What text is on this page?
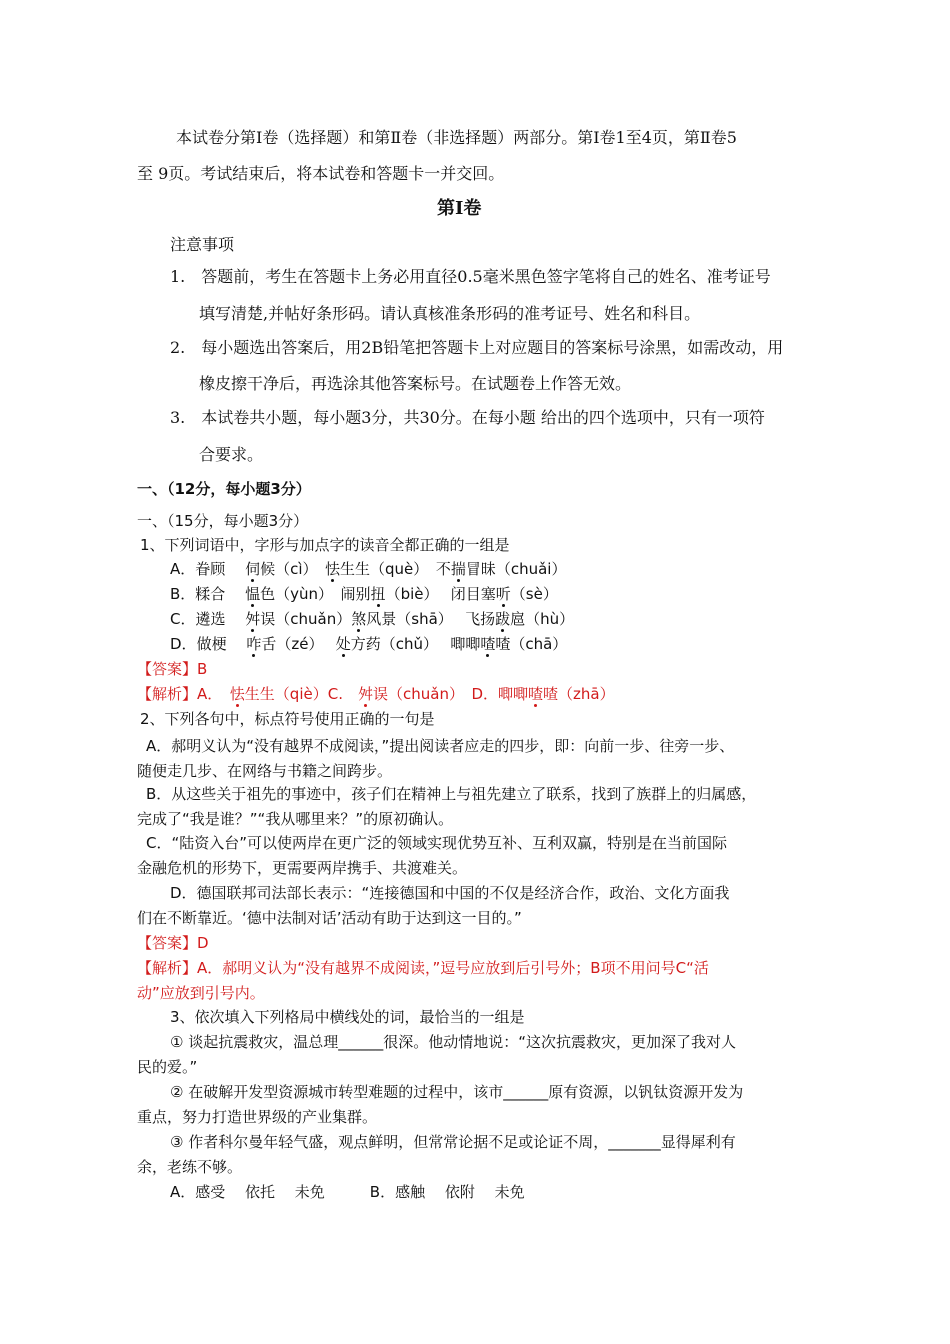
本试卷分第Ⅰ卷（选择题）和第Ⅱ卷（非选择题）两部分。第Ⅰ卷1至4页，第Ⅱ卷5
至 9页。考试结束后，将本试卷和答题卡一并交回。
第Ⅰ卷
注意事项
1.　答题前，考生在答题卡上务必用直径0.5毫米黑色签字笔将自己的姓名、准考证号
填写清楚,并帖好条形码。请认真核准条形码的准考证号、姓名和科目。
2.　每小题选出答案后，用2B铅笔把答题卡上对应题目的答案标号涂黑，如需改动，用
橡皮擦干净后，再选涂其他答案标号。在试题卷上作答无效。
3.　本试卷共小题，每小题3分，共30分。在每小题 给出的四个选项中，只有一项符
合要求。
一、（12分，每小题3分）
一、（15分，每小题3分）
1、下列词语中，字形与加点字的读音全都正确的一组是
A．眷顾　 伺候（cì）　 怯生生（què）　 不揣冒昧（chuǎi）
B．糅合　 愠色（yùn）　 闹别扭（biè）　 闭目塞听（sè）
C．遴选　 舛误（chuǎn）煞风景（shā）　 飞扬跋扈（hù）
D．做梗　 咋舌（zé）　 处方药（chǔ）　 唧唧喳喳（chā）
【答案】B
【解析】A．　 怯生生（qiè）C.　 舛误（chuǎn）　D．唧唧喳喳（zhā）
2、下列各句中，标点符号使用正确的一句是
A．郝明义认为“没有越界不成阅读，”提出阅读者应走的四步，即：向前一步、往旁一步、
随便走几步、在网络与书籍之间跨步。
B．从这些关于祖先的事迹中，孩子们在精神上与祖先建立了联系，找到了族群上的归属感，
完成了“我是谁？”“我从哪里来？”的原初确认。
C．“陆资入台”可以使两岸在更广泛的领域实现优势互补、互利双赢，特别是在当前国际
金融危机的形势下，更需要两岸携手、共渡难关。
D．德国联邦司法部长表示：“连接德国和中国的不仅是经济合作，政治、文化方面我
们在不断靠近。‘德中法制对话’活动有助于达到这一目的。”
【答案】D
【解析】A．郝明义认为“没有越界不成阅读，”逗号应放到后引号外；B项不用问号C“活
动”应放到引号内。
3、依次填入下列格局中横线处的词，最恰当的一组是
① 谈起抗震救灾，温总理______很深。他动情地说：“这次抗震救灾，更加深了我对人
民的爱。”
② 在破解开发型资源城市转型难题的过程中，该市______原有资源，以钒钛资源开发为
重点，努力打造世界级的产业集群。
③ 作者科尔曼年轻气盛，观点鲜明，但常常论据不足或论证不周，_______显得犀利有
余，老练不够。
A．感受　 依托　 未免　　　B．感触　 依附　 未免
